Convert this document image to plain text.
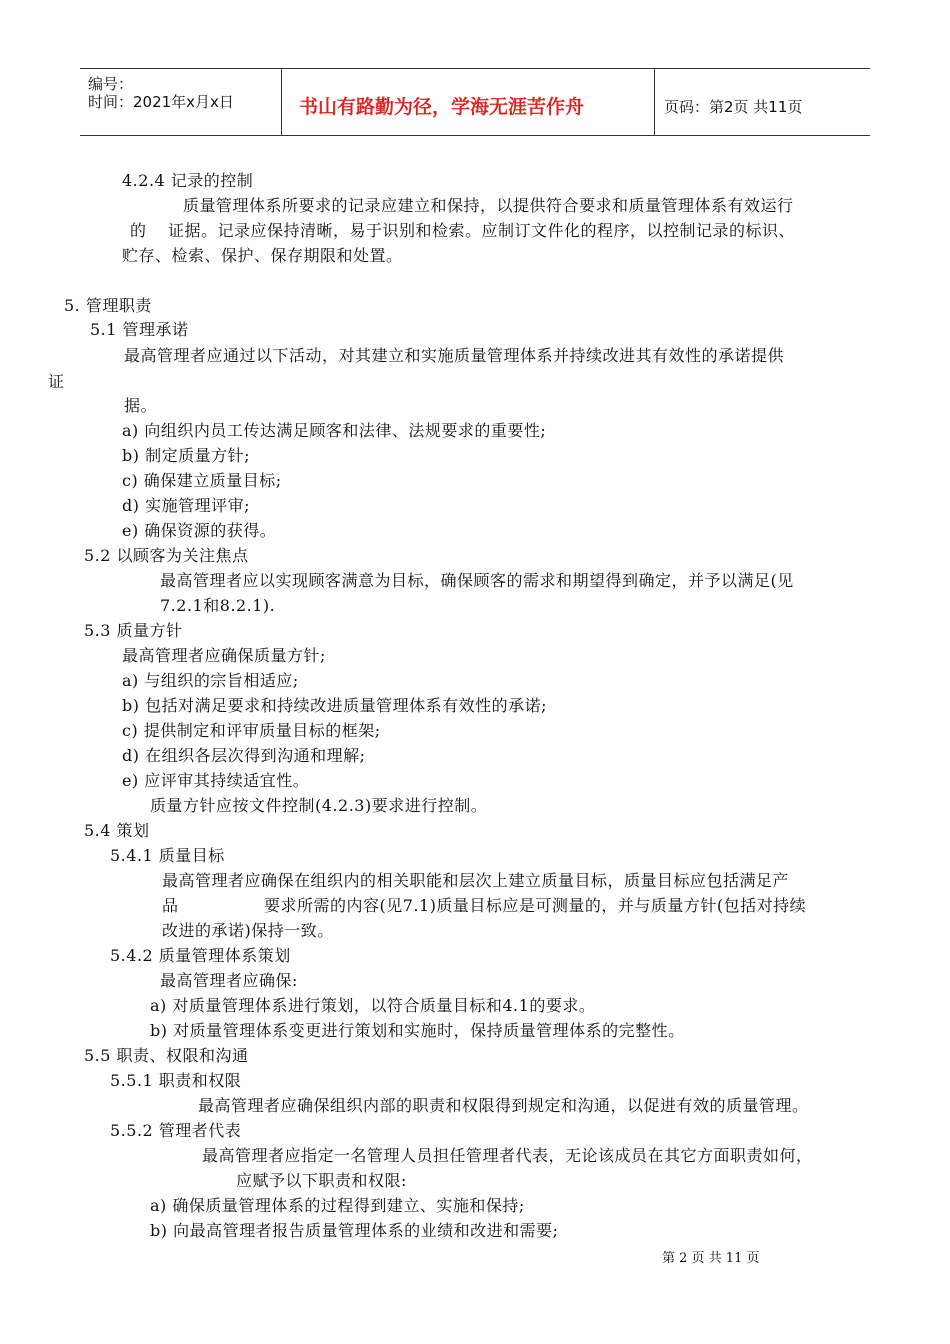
编号：
时间：2021年x月x日	书山有路勤为径，学海无涯苦作舟	页码：第2页 共11页
4.2.4 记录的控制
质量管理体系所要求的记录应建立和保持，以提供符合要求和质量管理体系有效运行
的 证据。记录应保持清晰，易于识别和检索。应制订文件化的程序，以控制记录的标识、
贮存、检索、保护、保存期限和处置。
5. 管理职责
5.1 管理承诺
最高管理者应通过以下活动，对其建立和实施质量管理体系并持续改进其有效性的承诺提供
证
据。
a) 向组织内员工传达满足顾客和法律、法规要求的重要性;
b) 制定质量方针;
c) 确保建立质量目标;
d) 实施管理评审;
e) 确保资源的获得。
5.2 以顾客为关注焦点
最高管理者应以实现顾客满意为目标，确保顾客的需求和期望得到确定，并予以满足(见
7.2.1和8.2.1).
5.3 质量方针
最高管理者应确保质量方针;
a) 与组织的宗旨相适应;
b) 包括对满足要求和持续改进质量管理体系有效性的承诺;
c) 提供制定和评审质量目标的框架;
d) 在组织各层次得到沟通和理解;
e) 应评审其持续适宜性。
质量方针应按文件控制(4.2.3)要求进行控制。
5.4 策划
5.4.1 质量目标
最高管理者应确保在组织内的相关职能和层次上建立质量目标，质量目标应包括满足产
品	要求所需的内容(见7.1)质量目标应是可测量的，并与质量方针(包括对持续
改进的承诺)保持一致。
5.4.2 质量管理体系策划
最高管理者应确保:
a) 对质量管理体系进行策划，以符合质量目标和4.1的要求。
b) 对质量管理体系变更进行策划和实施时，保持质量管理体系的完整性。
5.5 职责、权限和沟通
5.5.1 职责和权限
最高管理者应确保组织内部的职责和权限得到规定和沟通，以促进有效的质量管理。
5.5.2 管理者代表
最高管理者应指定一名管理人员担任管理者代表，无论该成员在其它方面职责如何，
应赋予以下职责和权限:
a) 确保质量管理体系的过程得到建立、实施和保持;
b) 向最高管理者报告质量管理体系的业绩和改进和需要;
第 2 页 共 11 页
